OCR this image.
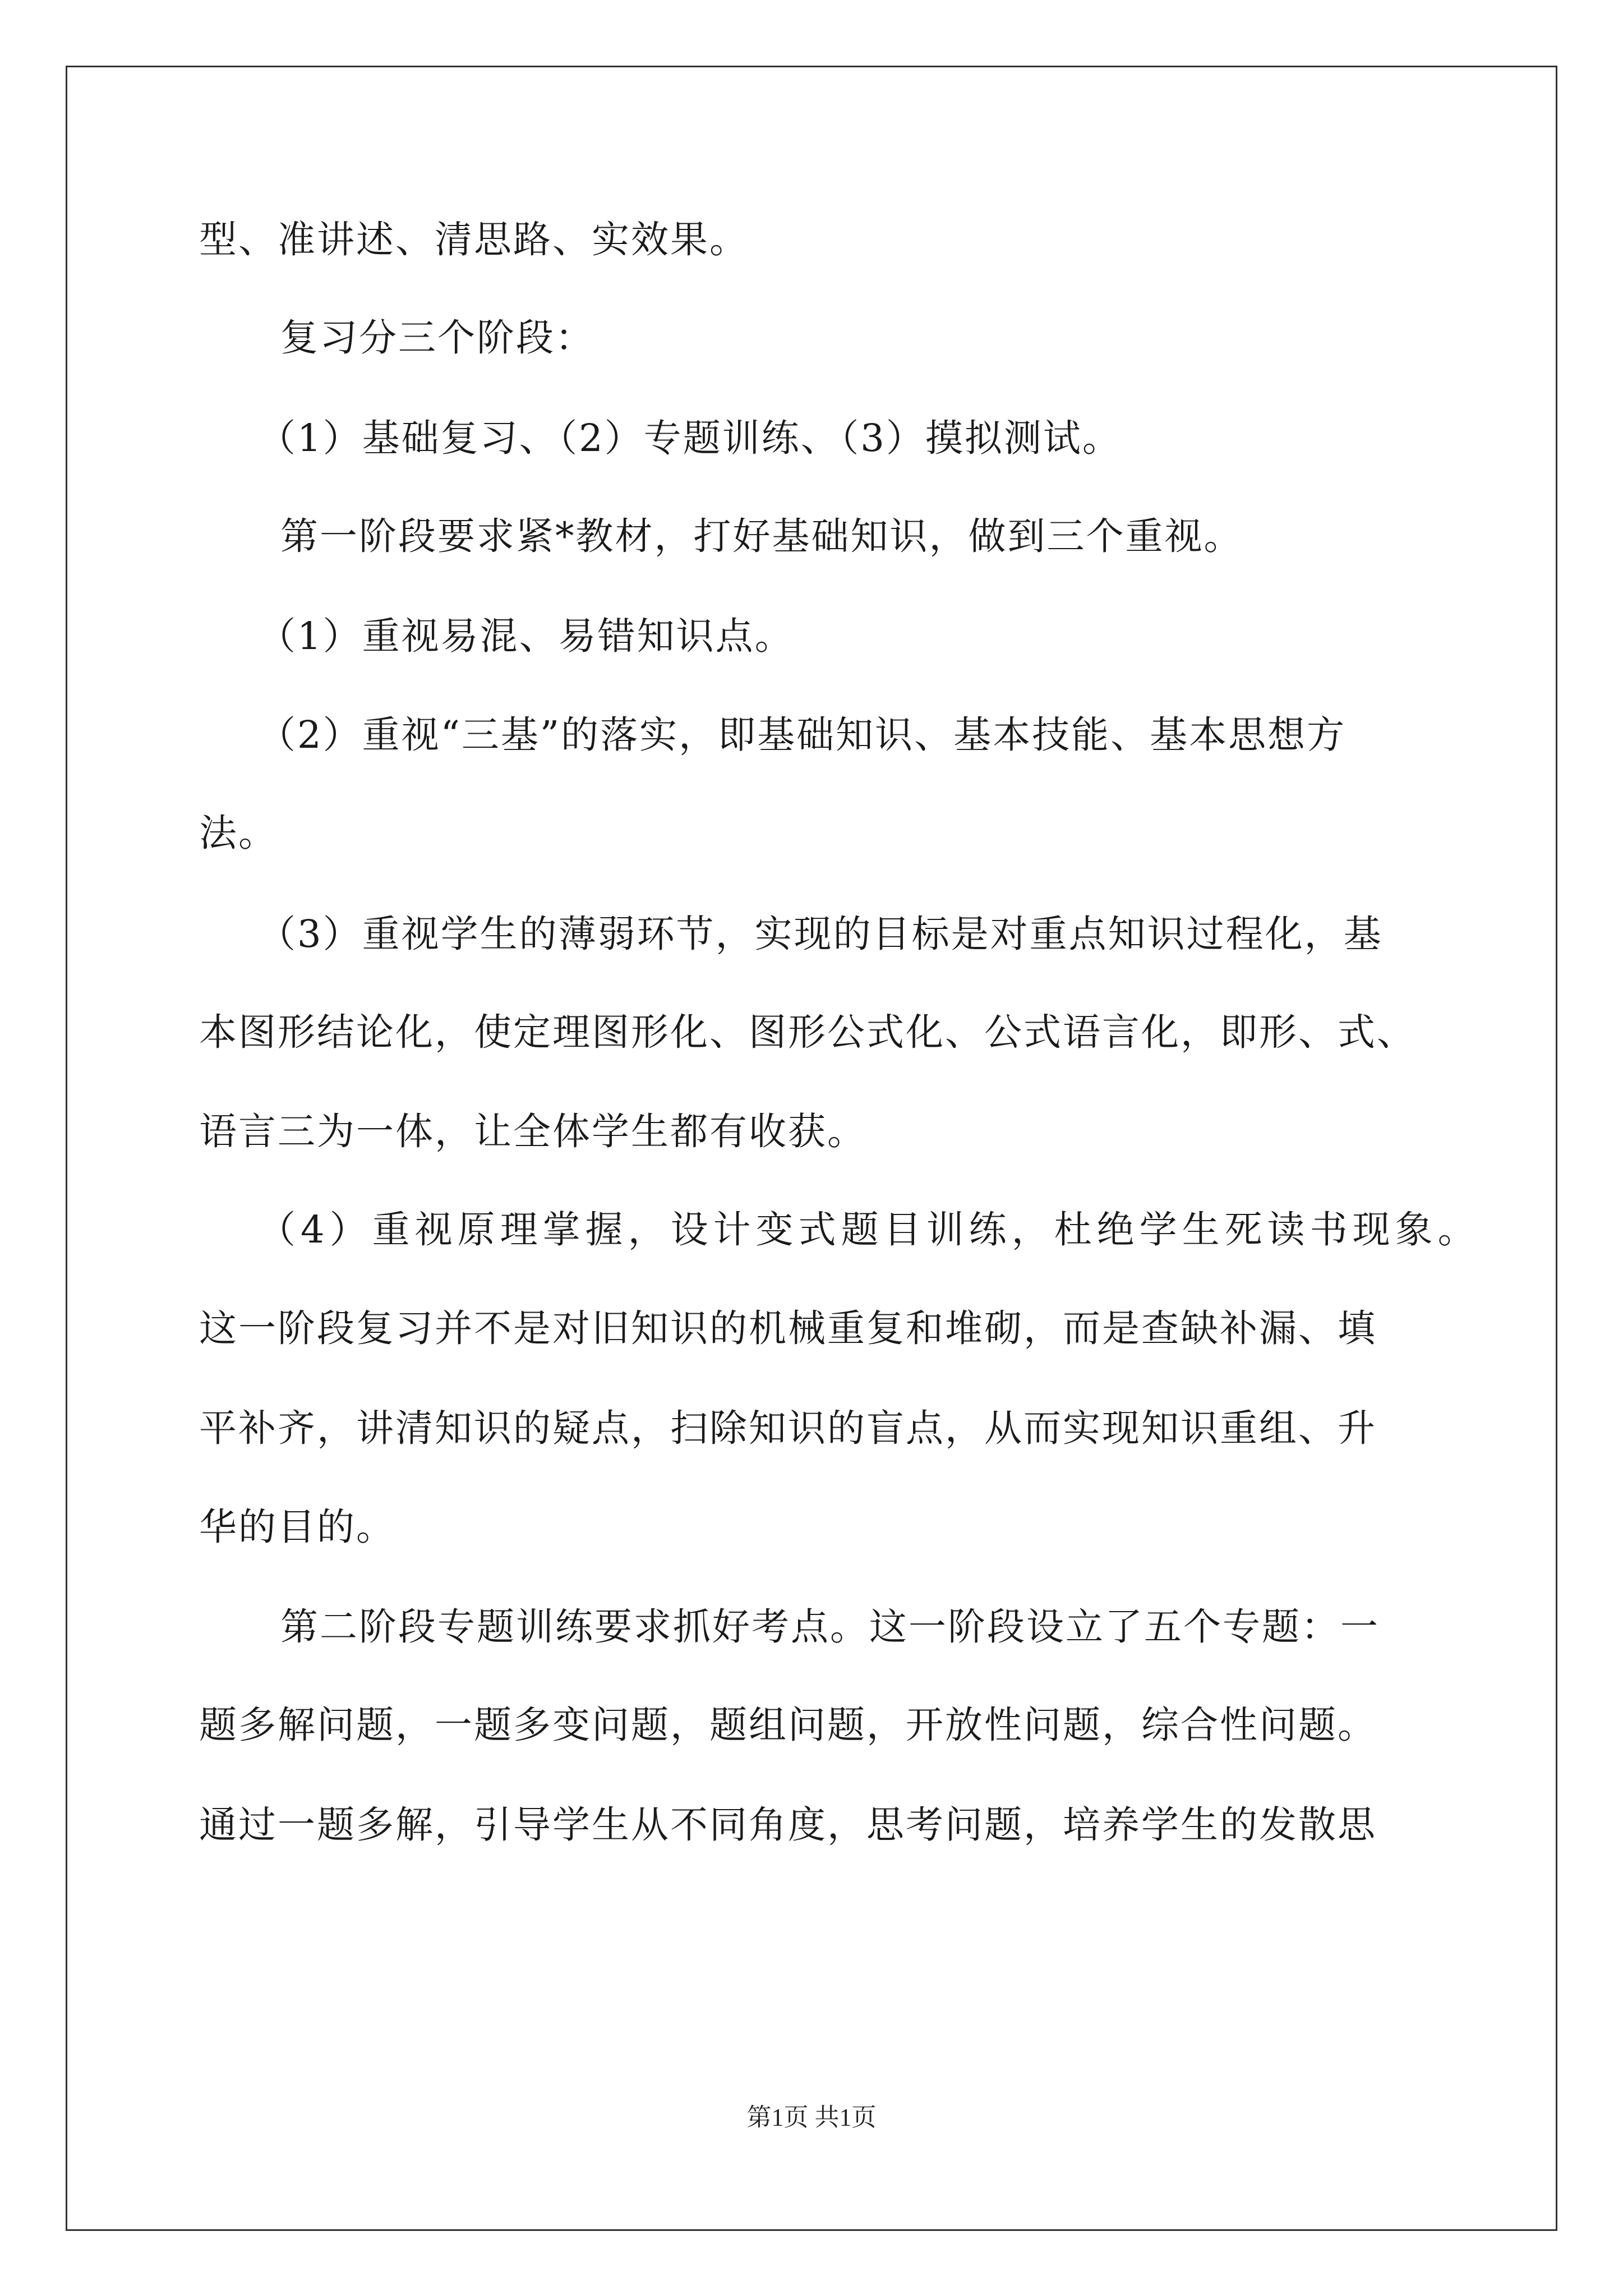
型、准讲述、清思路、实效果。
复习分三个阶段：
（1）基础复习、（2）专题训练、（3）摸拟测试。
第一阶段要求紧*教材，打好基础知识，做到三个重视。
（1）重视易混、易错知识点。
（2）重视“三基”的落实，即基础知识、基本技能、基本思想方
法。
（3）重视学生的薄弱环节，实现的目标是对重点知识过程化，基
本图形结论化，使定理图形化、图形公式化、公式语言化，即形、式、
语言三为一体，让全体学生都有收获。
（4）重视原理掌握，设计变式题目训练，杜绝学生死读书现象。
这一阶段复习并不是对旧知识的机械重复和堆砌，而是查缺补漏、填
平补齐，讲清知识的疑点，扫除知识的盲点，从而实现知识重组、升
华的目的。
第二阶段专题训练要求抓好考点。这一阶段设立了五个专题：一
题多解问题，一题多变问题，题组问题，开放性问题，综合性问题。
通过一题多解，引导学生从不同角度，思考问题，培养学生的发散思
第1页 共1页
